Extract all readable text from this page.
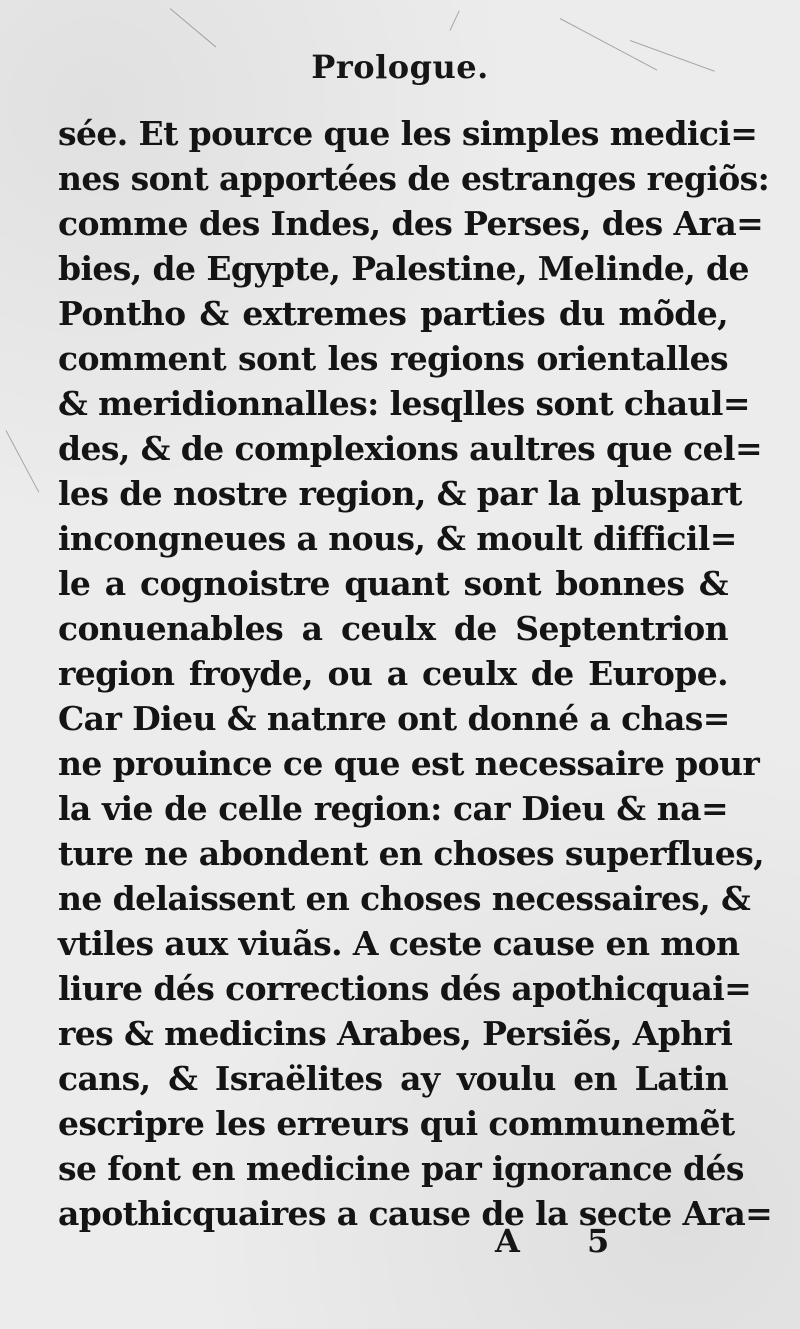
Prologue.
sée. Et pource que les simples medici=
nes sont apportées de estranges regiõs:
comme des Indes, des Perses, des Ara=
bies, de Egypte, Palestine, Melinde, de
Pontho & extremes parties du mõde,
comment sont les regions orientalles
& meridionnalles: lesqlles sont chaul=
des, & de complexions aultres que cel=
les de nostre region, & par la pluspart
incongneues a nous, & moult difficil=
le a cognoistre quant sont bonnes &
conuenables a ceulx de Septentrion
region froyde, ou a ceulx de Europe.
Car Dieu & natnre ont donné a chas=
ne prouince ce que est necessaire pour
la vie de celle region: car Dieu & na=
ture ne abondent en choses superflues,
ne delaissent en choses necessaires, &
vtiles aux viuãs. A ceste cause en mon
liure dés corrections dés apothicquai=
res & medicins Arabes, Persiẽs, Aphri
cans, & Israëlites ay voulu en Latin
escripre les erreurs qui communemẽt
se font en medicine par ignorance dés
apothicquaires a cause de la secte Ara=
A 5
